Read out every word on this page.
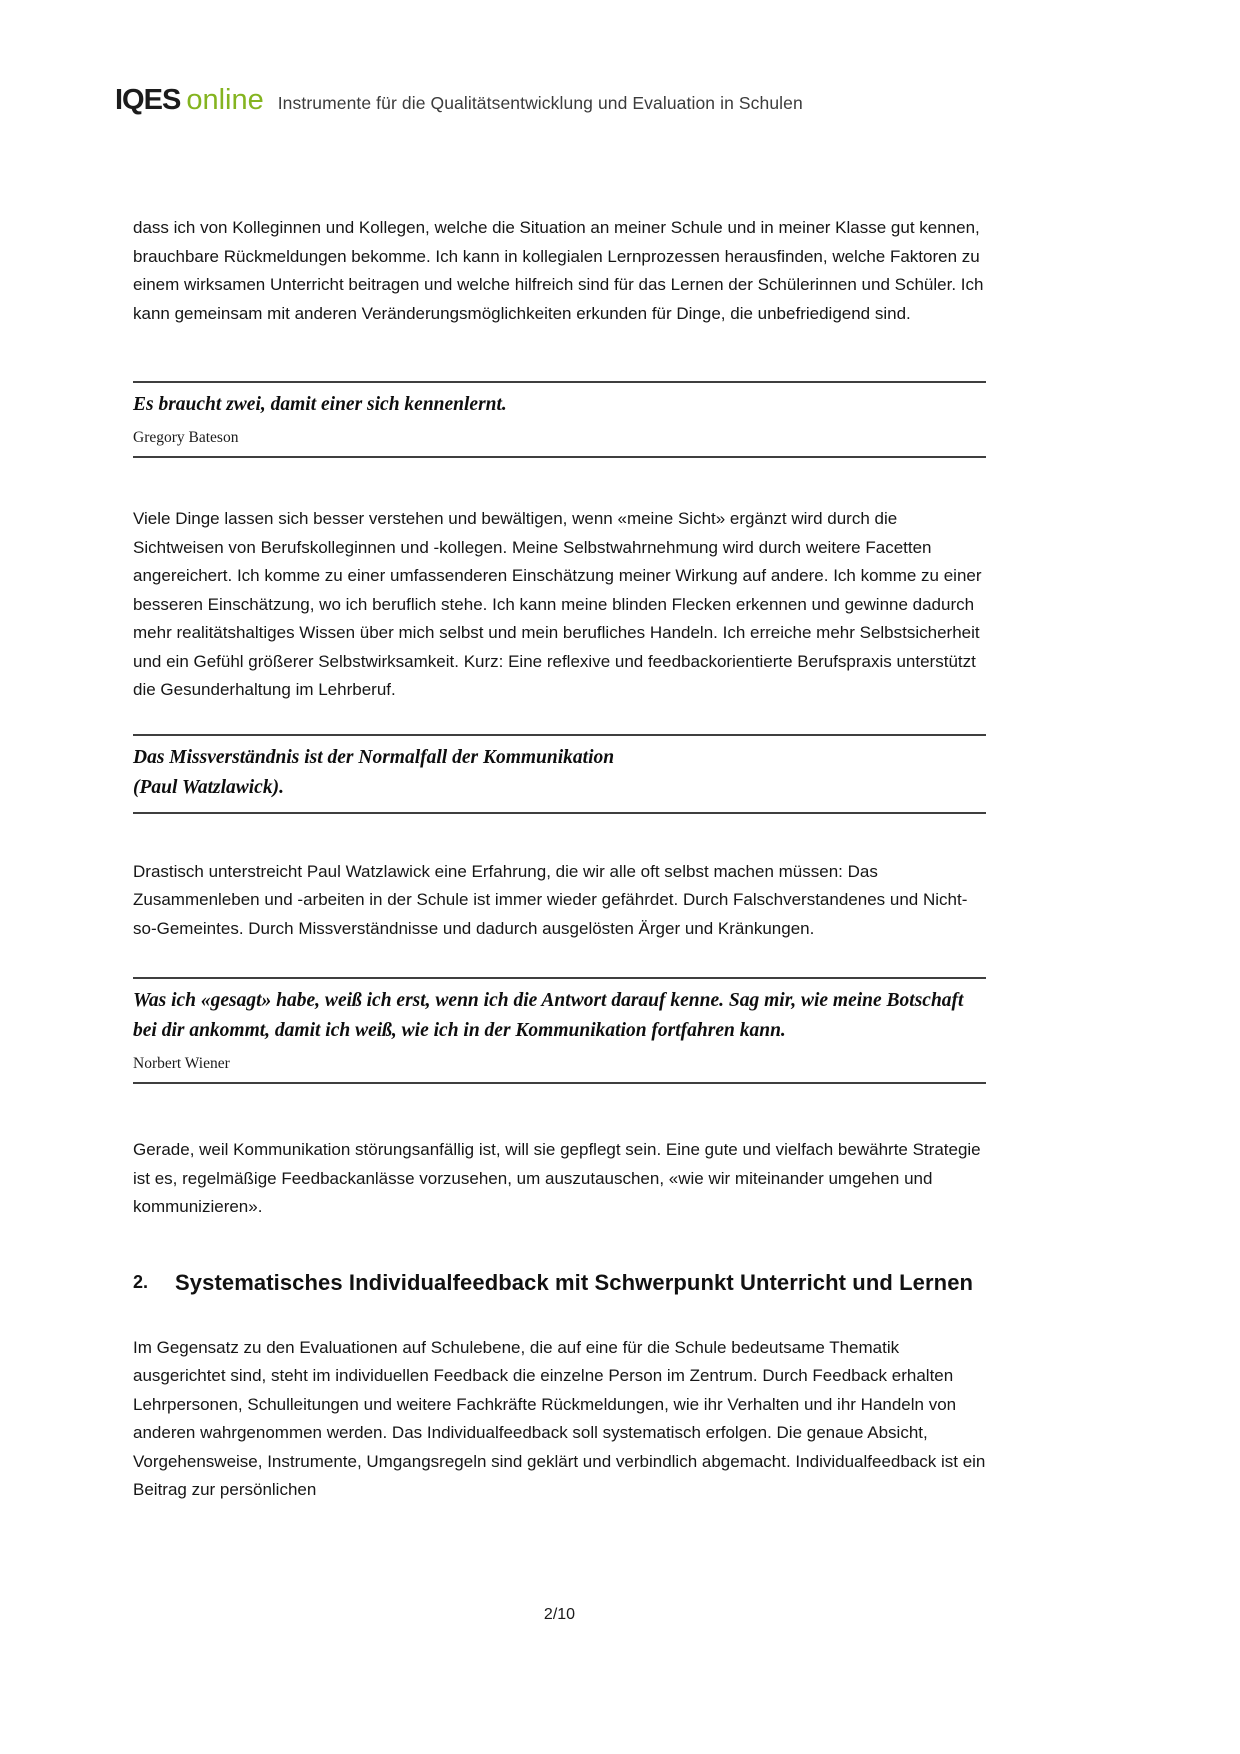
IQES online Instrumente für die Qualitätsentwicklung und Evaluation in Schulen

dass ich von Kolleginnen und Kollegen, welche die Situation an meiner Schule und in meiner Klasse gut kennen, brauchbare Rückmeldungen bekomme. Ich kann in kollegialen Lernprozessen herausfinden, welche Faktoren zu einem wirksamen Unterricht beitragen und welche hilfreich sind für das Lernen der Schülerinnen und Schüler. Ich kann gemeinsam mit anderen Veränderungsmöglichkeiten erkunden für Dinge, die unbefriedigend sind.

Es braucht zwei, damit einer sich kennenlernt.
Gregory Bateson

Viele Dinge lassen sich besser verstehen und bewältigen, wenn «meine Sicht» ergänzt wird durch die Sichtweisen von Berufskolleginnen und -kollegen. Meine Selbstwahrnehmung wird durch weitere Facetten angereichert. Ich komme zu einer umfassenderen Einschätzung meiner Wirkung auf andere. Ich komme zu einer besseren Einschätzung, wo ich beruflich stehe. Ich kann meine blinden Flecken erkennen und gewinne dadurch mehr realitätshaltiges Wissen über mich selbst und mein berufliches Handeln. Ich erreiche mehr Selbstsicherheit und ein Gefühl größerer Selbstwirksamkeit. Kurz: Eine reflexive und feedbackorientierte Berufspraxis unterstützt die Gesunderhaltung im Lehrberuf.

Das Missverständnis ist der Normalfall der Kommunikation
(Paul Watzlawick).

Drastisch unterstreicht Paul Watzlawick eine Erfahrung, die wir alle oft selbst machen müssen: Das Zusammenleben und -arbeiten in der Schule ist immer wieder gefährdet. Durch Falschverstandenes und Nicht-so-Gemeintes. Durch Missverständnisse und dadurch ausgelösten Ärger und Kränkungen.

Was ich «gesagt» habe, weiß ich erst, wenn ich die Antwort darauf kenne. Sag mir, wie meine Botschaft bei dir ankommt, damit ich weiß, wie ich in der Kommunikation fortfahren kann.
Norbert Wiener

Gerade, weil Kommunikation störungsanfällig ist, will sie gepflegt sein. Eine gute und vielfach bewährte Strategie ist es, regelmäßige Feedbackanlässe vorzusehen, um auszutauschen, «wie wir miteinander umgehen und kommunizieren».

2.	Systematisches Individualfeedback mit Schwerpunkt Unterricht und Lernen

Im Gegensatz zu den Evaluationen auf Schulebene, die auf eine für die Schule bedeutsame Thematik ausgerichtet sind, steht im individuellen Feedback die einzelne Person im Zentrum. Durch Feedback erhalten Lehrpersonen, Schulleitungen und weitere Fachkräfte Rückmeldungen, wie ihr Verhalten und ihr Handeln von anderen wahrgenommen werden. Das Individualfeedback soll systematisch erfolgen. Die genaue Absicht, Vorgehensweise, Instrumente, Umgangsregeln sind geklärt und verbindlich abgemacht. Individualfeedback ist ein Beitrag zur persönlichen

2/10
